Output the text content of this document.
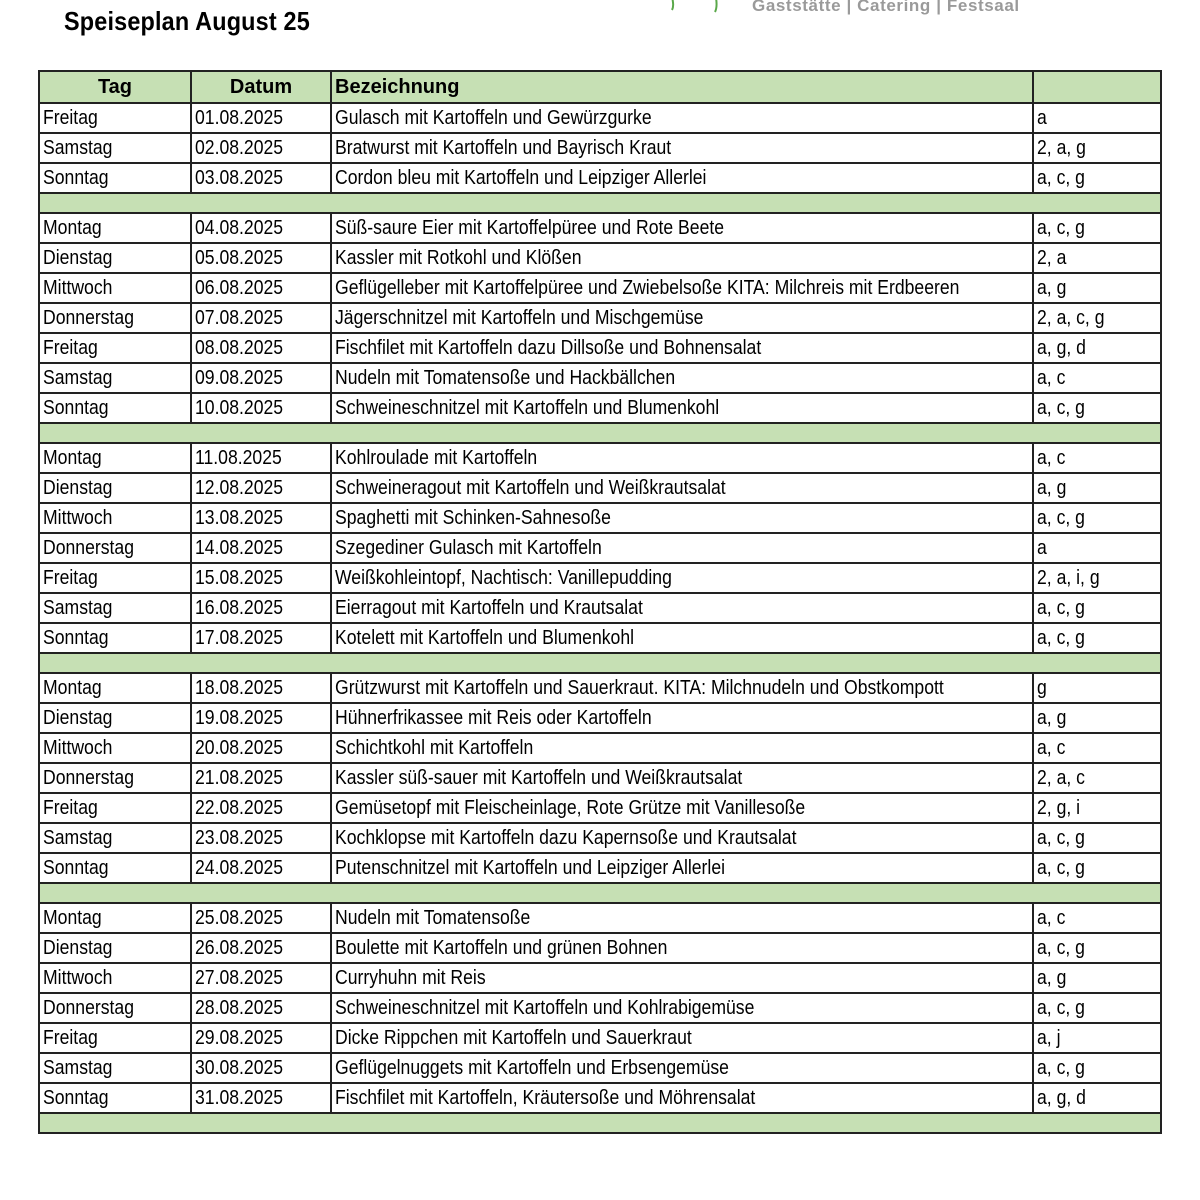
Speiseplan August 25
Gaststätte | Catering | Festsaal
Tag	Datum	Bezeichnung	
Freitag	01.08.2025	Gulasch mit Kartoffeln und Gewürzgurke	a
Samstag	02.08.2025	Bratwurst mit Kartoffeln und Bayrisch Kraut	2, a, g
Sonntag	03.08.2025	Cordon bleu mit Kartoffeln und Leipziger Allerlei	a, c, g

Montag	04.08.2025	Süß-saure Eier mit Kartoffelpüree und Rote Beete	a, c, g
Dienstag	05.08.2025	Kassler mit Rotkohl und Klößen	2, a
Mittwoch	06.08.2025	Geflügelleber mit Kartoffelpüree und Zwiebelsoße KITA: Milchreis mit Erdbeeren	a, g
Donnerstag	07.08.2025	Jägerschnitzel mit Kartoffeln und Mischgemüse	2, a, c, g
Freitag	08.08.2025	Fischfilet mit Kartoffeln dazu Dillsoße und Bohnensalat	a, g, d
Samstag	09.08.2025	Nudeln mit Tomatensoße und Hackbällchen	a, c
Sonntag	10.08.2025	Schweineschnitzel mit Kartoffeln und Blumenkohl	a, c, g

Montag	11.08.2025	Kohlroulade mit Kartoffeln	a, c
Dienstag	12.08.2025	Schweineragout mit Kartoffeln und Weißkrautsalat	a, g
Mittwoch	13.08.2025	Spaghetti mit Schinken-Sahnesoße	a, c, g
Donnerstag	14.08.2025	Szegediner Gulasch mit Kartoffeln	a
Freitag	15.08.2025	Weißkohleintopf, Nachtisch: Vanillepudding	2, a, i, g
Samstag	16.08.2025	Eierragout mit Kartoffeln und Krautsalat	a, c, g
Sonntag	17.08.2025	Kotelett mit Kartoffeln und Blumenkohl	a, c, g

Montag	18.08.2025	Grützwurst mit Kartoffeln und Sauerkraut. KITA: Milchnudeln und Obstkompott	g
Dienstag	19.08.2025	Hühnerfrikassee mit Reis oder Kartoffeln	a, g
Mittwoch	20.08.2025	Schichtkohl mit Kartoffeln	a, c
Donnerstag	21.08.2025	Kassler süß-sauer mit Kartoffeln und Weißkrautsalat	2, a, c
Freitag	22.08.2025	Gemüsetopf mit Fleischeinlage, Rote Grütze mit Vanillesoße	2, g, i
Samstag	23.08.2025	Kochklopse mit Kartoffeln dazu Kapernsoße und Krautsalat	a, c, g
Sonntag	24.08.2025	Putenschnitzel mit Kartoffeln und Leipziger Allerlei	a, c, g

Montag	25.08.2025	Nudeln mit Tomatensoße	a, c
Dienstag	26.08.2025	Boulette mit Kartoffeln und grünen Bohnen	a, c, g
Mittwoch	27.08.2025	Curryhuhn mit Reis	a, g
Donnerstag	28.08.2025	Schweineschnitzel mit Kartoffeln und Kohlrabigemüse	a, c, g
Freitag	29.08.2025	Dicke Rippchen mit Kartoffeln und Sauerkraut	a, j
Samstag	30.08.2025	Geflügelnuggets mit Kartoffeln und Erbsengemüse	a, c, g
Sonntag	31.08.2025	Fischfilet mit Kartoffeln, Kräutersoße und Möhrensalat	a, g, d
